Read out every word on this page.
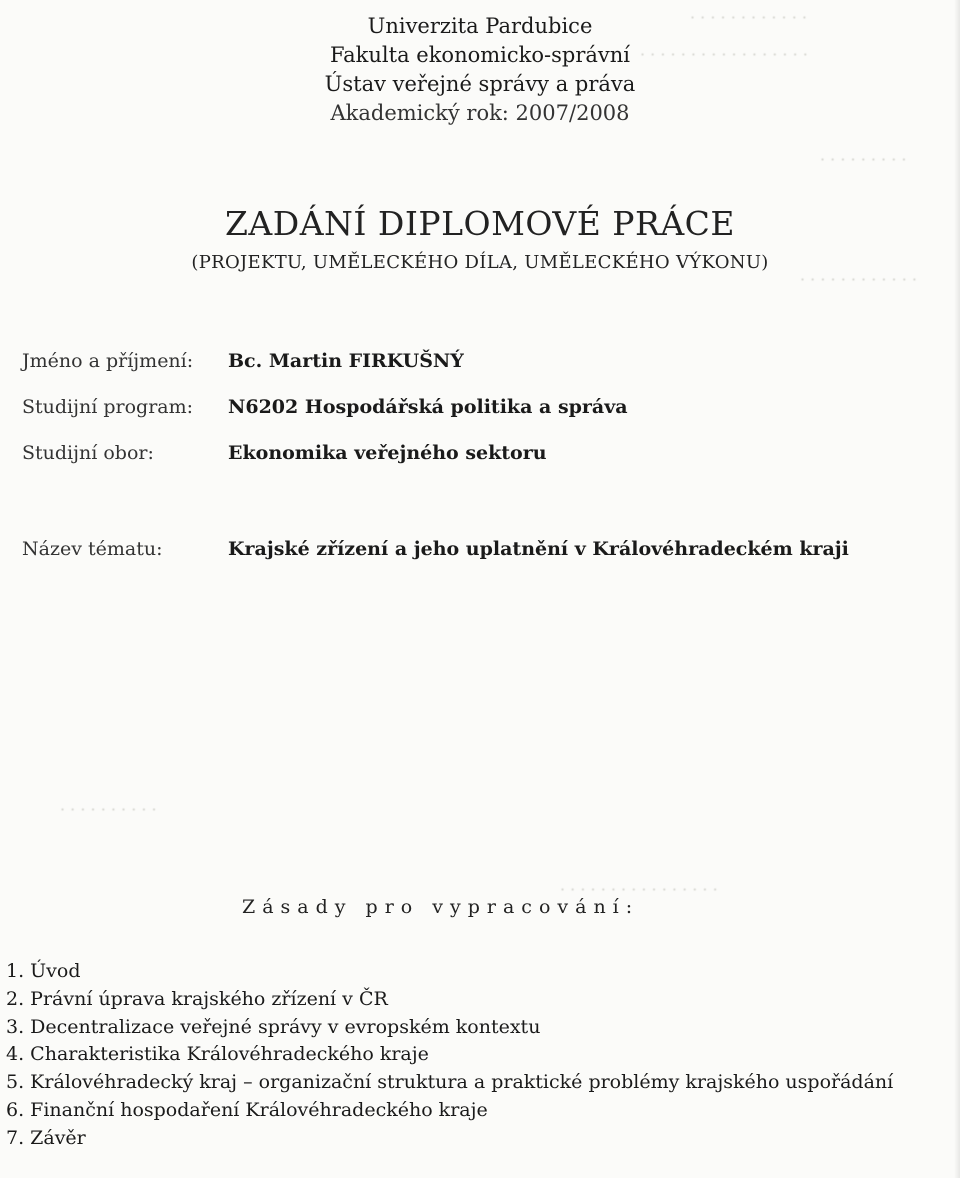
· · · · · · · · · · · ·
· · · · · · · · · · · · · · · · ·
· · · · · · · · ·
· · · · · · · · · · · ·
· · · · · · · · · ·
· · · · · · · · · · · · · · · ·
Univerzita Pardubice
Fakulta ekonomicko-správní
Ústav veřejné správy a práva
Akademický rok: 2007/2008
ZADÁNÍ DIPLOMOVÉ PRÁCE
(PROJEKTU, UMĚLECKÉHO DÍLA, UMĚLECKÉHO VÝKONU)
Jméno a příjmení: Bc. Martin FIRKUŠNÝ
Studijní program: N6202 Hospodářská politika a správa
Studijní obor:	Ekonomika veřejného sektoru
Název tématu:	Krajské zřízení a jeho uplatnění v Královéhradeckém kraji
Zásady pro vypracování:
1. Úvod
2. Právní úprava krajského zřízení v ČR
3. Decentralizace veřejné správy v evropském kontextu
4. Charakteristika Královéhradeckého kraje
5. Královéhradecký kraj – organizační struktura a praktické problémy krajského uspořádání
6. Finanční hospodaření Královéhradeckého kraje
7. Závěr
